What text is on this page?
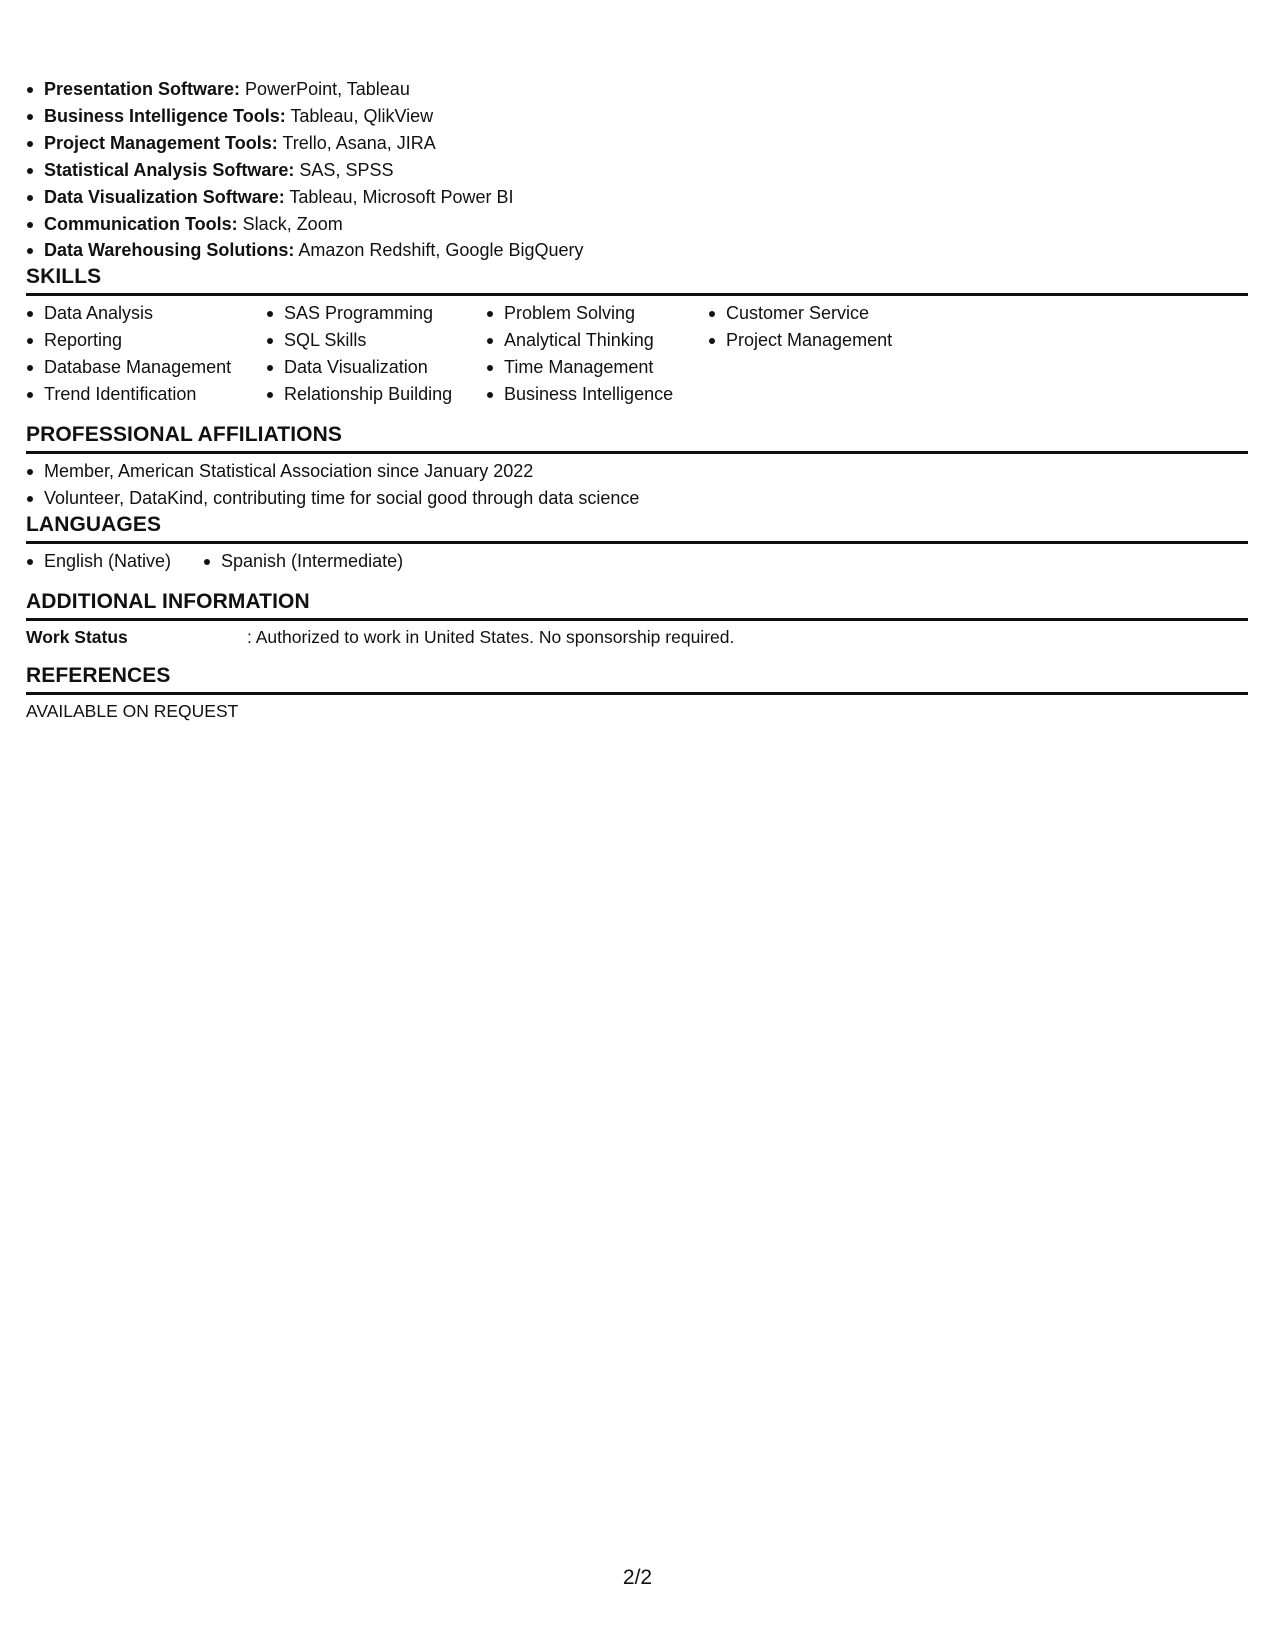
Presentation Software: PowerPoint, Tableau
Business Intelligence Tools: Tableau, QlikView
Project Management Tools: Trello, Asana, JIRA
Statistical Analysis Software: SAS, SPSS
Data Visualization Software: Tableau, Microsoft Power BI
Communication Tools: Slack, Zoom
Data Warehousing Solutions: Amazon Redshift, Google BigQuery
SKILLS
Data Analysis
Reporting
Database Management
Trend Identification
SAS Programming
SQL Skills
Data Visualization
Relationship Building
Problem Solving
Analytical Thinking
Time Management
Business Intelligence
Customer Service
Project Management
PROFESSIONAL AFFILIATIONS
Member, American Statistical Association since January 2022
Volunteer, DataKind, contributing time for social good through data science
LANGUAGES
English (Native)	Spanish (Intermediate)
ADDITIONAL INFORMATION
Work Status	: Authorized to work in United States. No sponsorship required.
REFERENCES
AVAILABLE ON REQUEST
2/2
